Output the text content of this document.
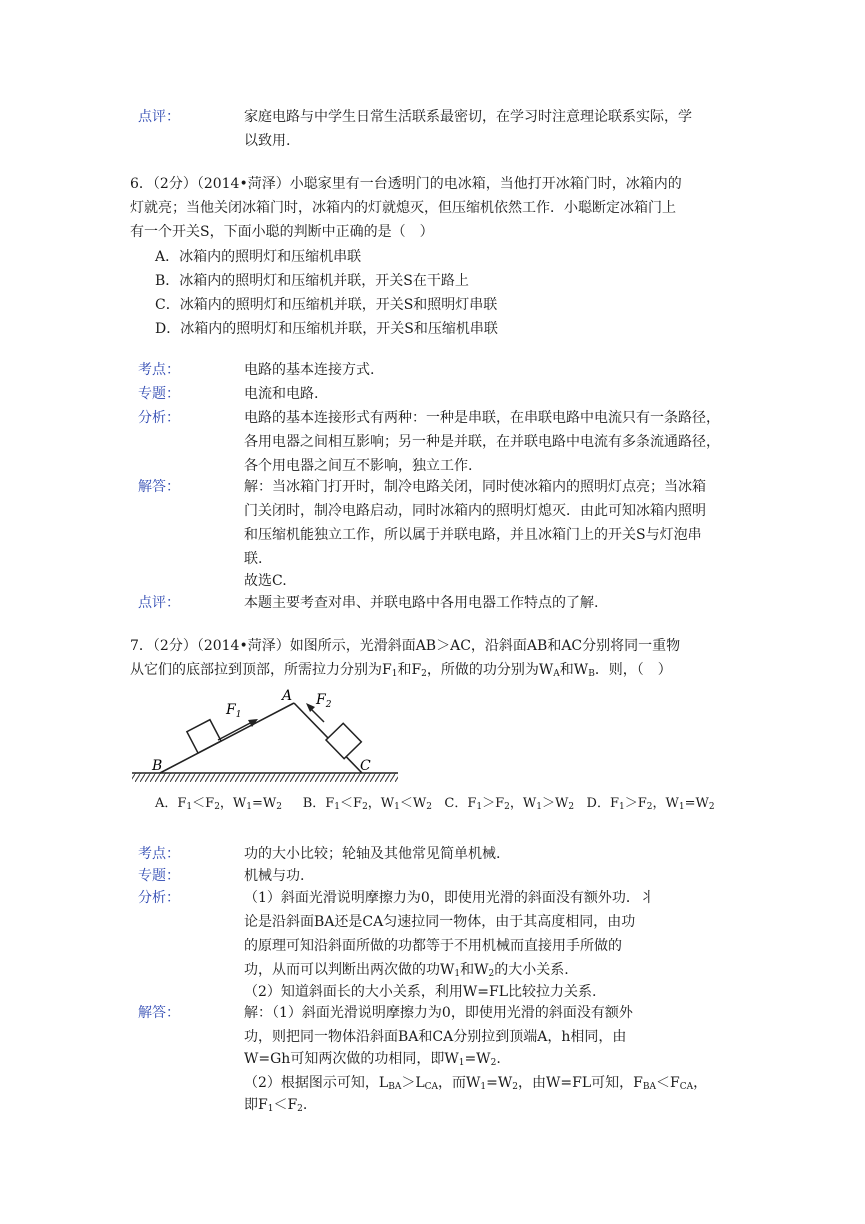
点评：	家庭电路与中学生日常生活联系最密切，在学习时注意理论联系实际，学
以致用.
6．（2分）（2014•菏泽）小聪家里有一台透明门的电冰箱，当他打开冰箱门时，冰箱内的
灯就亮；当他关闭冰箱门时，冰箱内的灯就熄灭，但压缩机依然工作．小聪断定冰箱门上
有一个开关S，下面小聪的判断中正确的是（　）
A．冰箱内的照明灯和压缩机串联
B．冰箱内的照明灯和压缩机并联，开关S在干路上
C．冰箱内的照明灯和压缩机并联，开关S和照明灯串联
D．冰箱内的照明灯和压缩机并联，开关S和压缩机串联
考点：	电路的基本连接方式.
专题：	电流和电路.
分析：	电路的基本连接形式有两种：一种是串联，在串联电路中电流只有一条路径，
各用电器之间相互影响；另一种是并联，在并联电路中电流有多条流通路径，
各个用电器之间互不影响，独立工作.
解答：	解：当冰箱门打开时，制冷电路关闭，同时使冰箱内的照明灯点亮；当冰箱
门关闭时，制冷电路启动，同时冰箱内的照明灯熄灭．由此可知冰箱内照明
和压缩机能独立工作，所以属于并联电路，并且冰箱门上的开关S与灯泡串
联.
故选C.
点评：	本题主要考查对串、并联电路中各用电器工作特点的了解.
7．（2分）（2014•菏泽）如图所示，光滑斜面AB＞AC，沿斜面AB和AC分别将同一重物
从它们的底部拉到顶部，所需拉力分别为$F_1$和$F_2$，所做的功分别为$W_A$和$W_B$．则，（　）
A
B	C
$F_1$
$F_2$
A．$F_1<F_2$，$W_1=W_2$ B．$F_1<F_2$，$W_1<W_2$ C．$F_1>F_2$，$W_1>W_2$ D．$F_1>F_2$，$W_1=W_2$
考点：	功的大小比较；轮轴及其他常见简单机械.
专题：	机械与功.
分析：	（1）斜面光滑说明摩擦力为0，即使用光滑的斜面没有额外功．丬
论是沿斜面BA还是CA匀速拉同一物体，由于其高度相同，由功
的原理可知沿斜面所做的功都等于不用机械而直接用手所做的
功，从而可以判断出两次做的功$W_1$和$W_2$的大小关系.
（2）知道斜面长的大小关系，利用W=FL比较拉力关系.
解答：	解：（1）斜面光滑说明摩擦力为0，即使用光滑的斜面没有额外
功，则把同一物体沿斜面BA和CA分别拉到顶端A，h相同，由
W=Gh可知两次做的功相同，即$W_1=W_2$.
（2）根据图示可知，$L_{BA}>L_{CA}$，而$W_1=W_2$，由W=FL可知，$F_{BA}<F_{CA}$，
即$F_1<F_2$.
